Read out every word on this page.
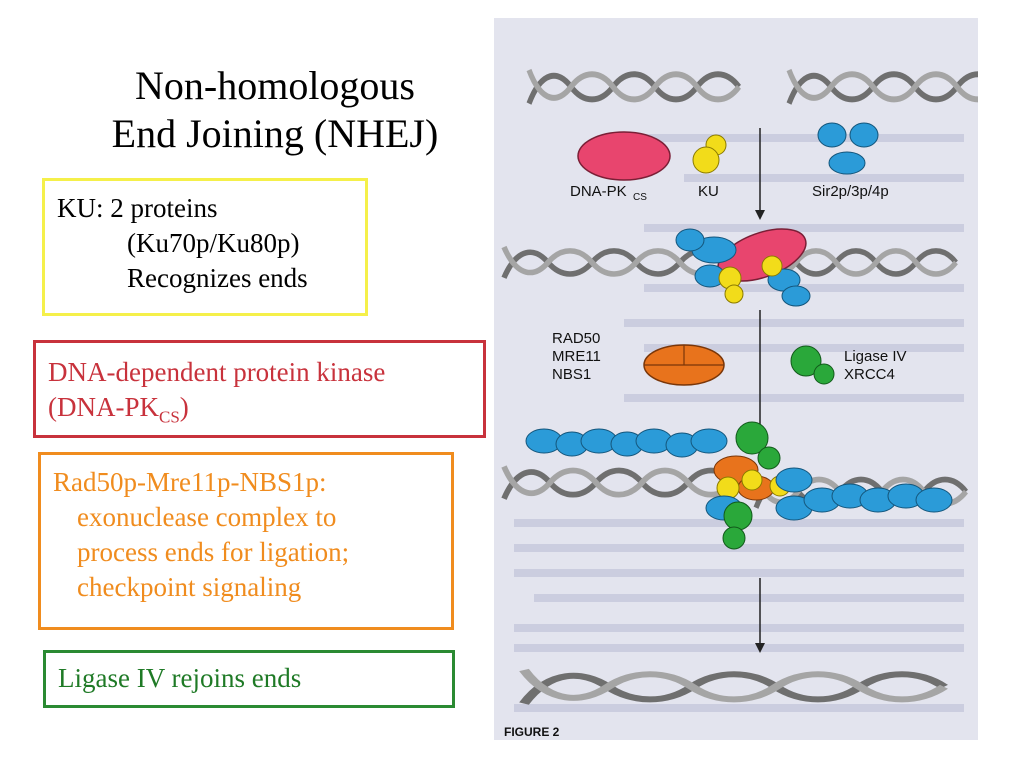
Non-homologous
End Joining (NHEJ)
KU: 2 proteins
(Ku70p/Ku80p)
Recognizes ends
DNA-dependent protein kinase
$(DNA-PK_{CS})$
Rad50p-Mre11p-NBS1p:
exonuclease complex to
process ends for ligation;
checkpoint signaling
Ligase IV rejoins ends
DNA-PK CS	KU	Sir2p/3p/4p
RAD50
MRE11
NBS1
Ligase IV
XRCC4
FIGURE 2
